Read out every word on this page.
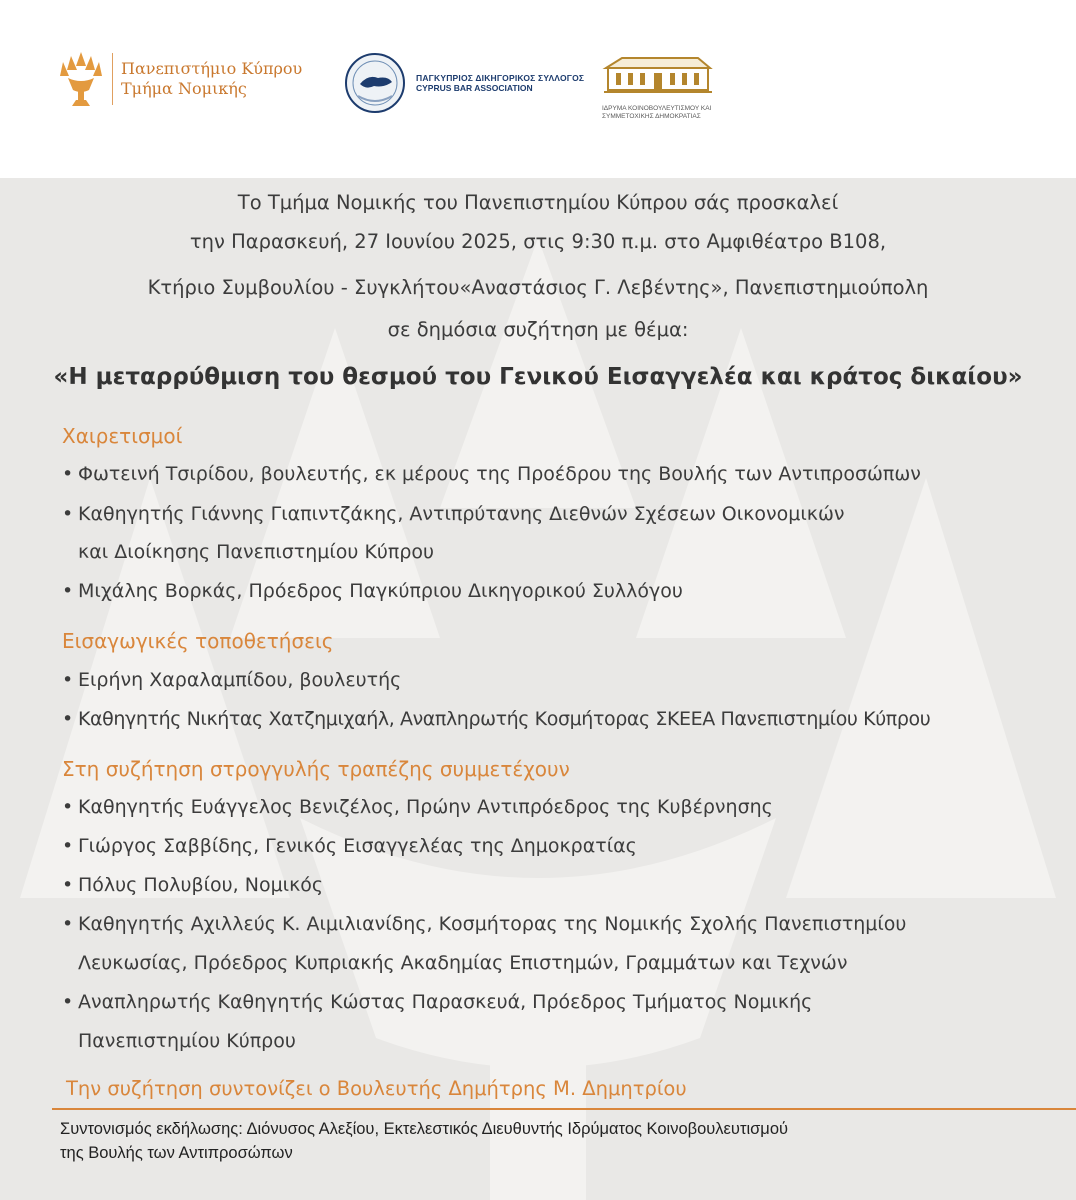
Πανεπιστήμιο Κύπρου
Τμήμα Νομικής
ΠΑΓΚΥΠΡΙΟΣ ΔΙΚΗΓΟΡΙΚΟΣ ΣΥΛΛΟΓΟΣ
CYPRUS BAR ASSOCIATION
ΙΔΡΥΜΑ ΚΟΙΝΟΒΟΥΛΕΥΤΙΣΜΟΥ ΚΑΙ
ΣΥΜΜΕΤΟΧΙΚΗΣ ΔΗΜΟΚΡΑΤΙΑΣ
Το Τμήμα Νομικής του Πανεπιστημίου Κύπρου σάς προσκαλεί
την Παρασκευή, 27 Ιουνίου 2025, στις 9:30 π.μ. στο Αμφιθέατρο Β108,
Κτήριο Συμβουλίου - Συγκλήτου«Αναστάσιος Γ. Λεβέντης», Πανεπιστημιούπολη
σε δημόσια συζήτηση με θέμα:
«Η μεταρρύθμιση του θεσμού του Γενικού Εισαγγελέα και κράτος δικαίου»
Χαιρετισμοί
• Φωτεινή Τσιρίδου, βουλευτής, εκ μέρους της Προέδρου της Βουλής των Αντιπροσώπων
• Καθηγητής Γιάννης Γιαπιντζάκης, Αντιπρύτανης Διεθνών Σχέσεων Οικονομικών
και Διοίκησης Πανεπιστημίου Κύπρου
• Μιχάλης Βορκάς, Πρόεδρος Παγκύπριου Δικηγορικού Συλλόγου
Εισαγωγικές τοποθετήσεις
• Ειρήνη Χαραλαμπίδου, βουλευτής
• Καθηγητής Νικήτας Χατζημιχαήλ, Αναπληρωτής Κοσμήτορας ΣΚΕΕΑ Πανεπιστημίου Κύπρου
Στη συζήτηση στρογγυλής τραπέζης συμμετέχουν
• Καθηγητής Ευάγγελος Βενιζέλος, Πρώην Αντιπρόεδρος της Κυβέρνησης
• Γιώργος Σαββίδης, Γενικός Εισαγγελέας της Δημοκρατίας
• Πόλυς Πολυβίου, Νομικός
• Καθηγητής Αχιλλεύς Κ. Αιμιλιανίδης, Κοσμήτορας της Νομικής Σχολής Πανεπιστημίου
Λευκωσίας, Πρόεδρος Κυπριακής Ακαδημίας Επιστημών, Γραμμάτων και Τεχνών
• Αναπληρωτής Καθηγητής Κώστας Παρασκευά, Πρόεδρος Τμήματος Νομικής
Πανεπιστημίου Κύπρου
Την συζήτηση συντονίζει ο Βουλευτής Δημήτρης Μ. Δημητρίου
Συντονισμός εκδήλωσης: Διόνυσος Αλεξίου, Εκτελεστικός Διευθυντής Ιδρύματος Κοινοβουλευτισμού
της Βουλής των Αντιπροσώπων
